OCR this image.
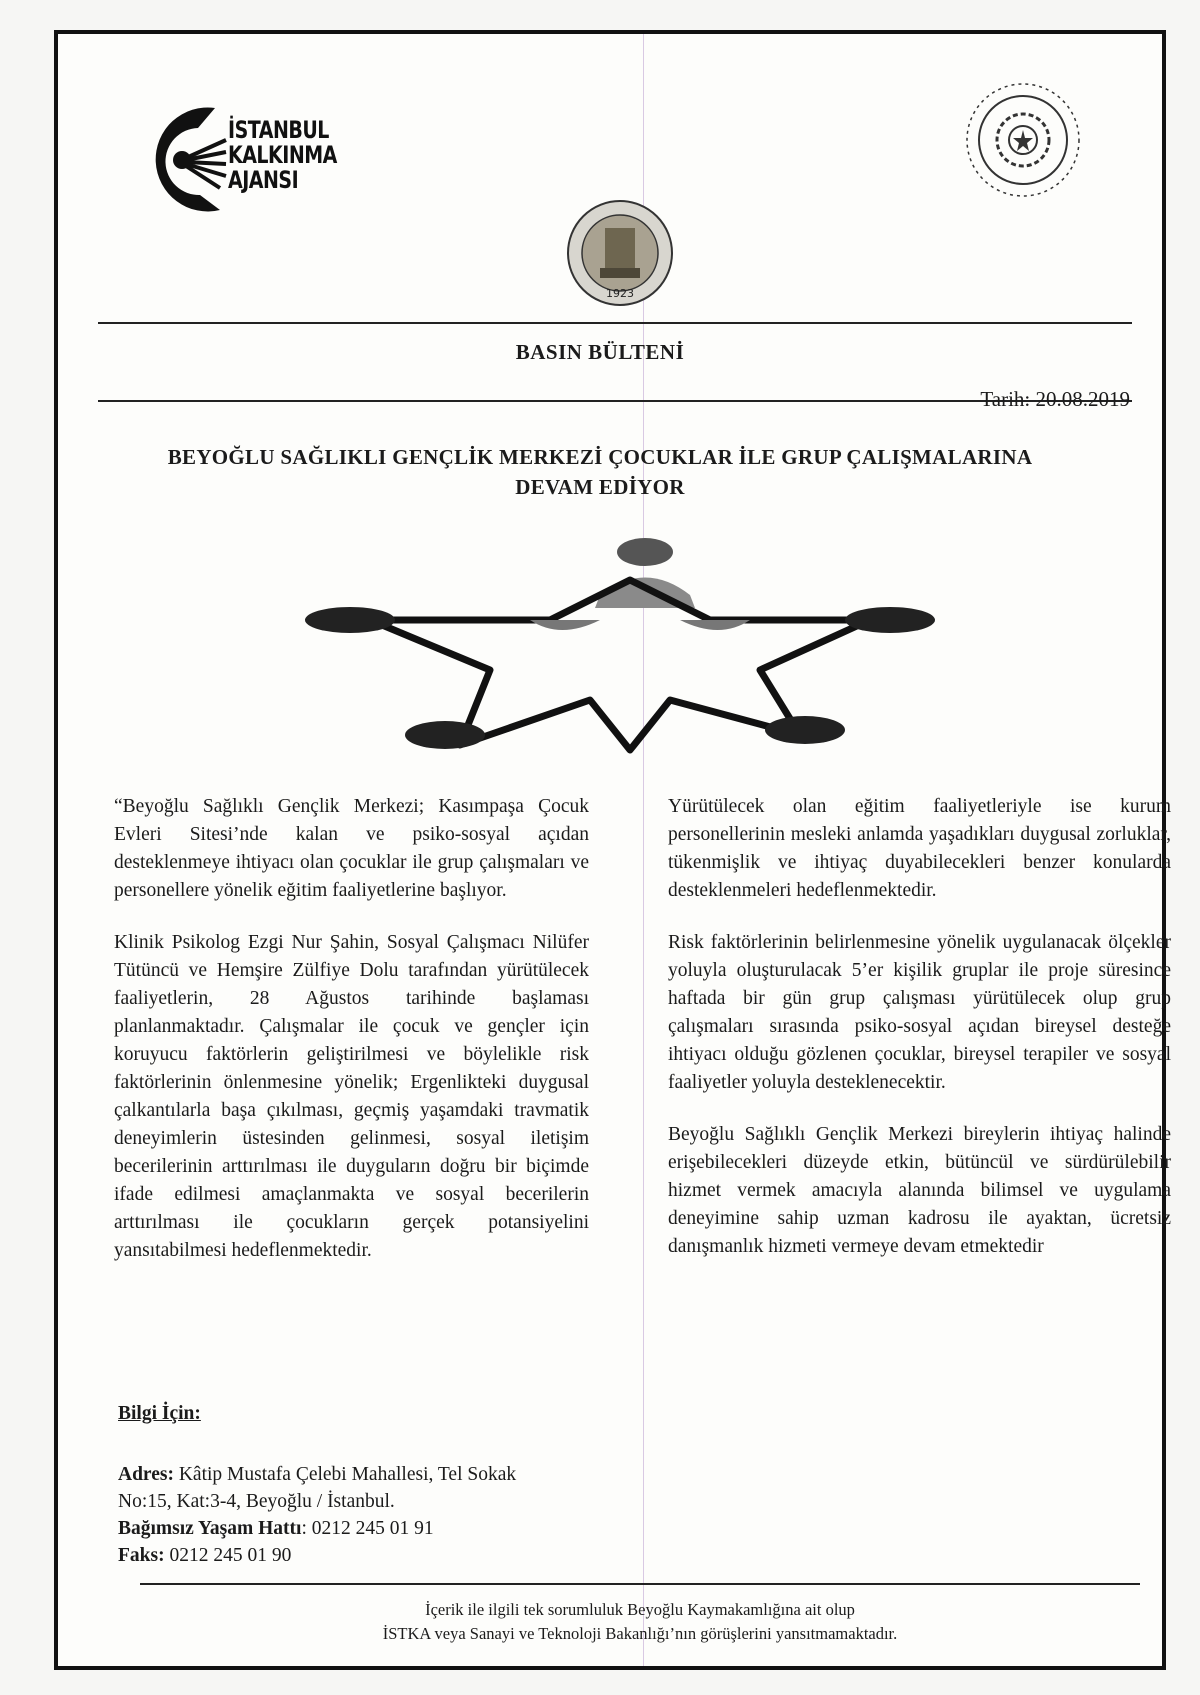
İSTANBUL
KALKINMA
AJANSI
1923
BASIN BÜLTENİ
Tarih: 20.08.2019
BEYOĞLU SAĞLIKLI GENÇLİK MERKEZİ ÇOCUKLAR İLE GRUP ÇALIŞMALARINA
DEVAM EDİYOR

“Beyoğlu Sağlıklı Gençlik Merkezi; Kasımpaşa Çocuk Evleri Sitesi’nde kalan ve psiko-sosyal açıdan desteklenmeye ihtiyacı olan çocuklar ile grup çalışmaları ve personellere yönelik eğitim faaliyetlerine başlıyor.

Klinik Psikolog Ezgi Nur Şahin, Sosyal Çalışmacı Nilüfer Tütüncü ve Hemşire Zülfiye Dolu tarafından yürütülecek faaliyetlerin, 28 Ağustos tarihinde başlaması planlanmaktadır. Çalışmalar ile çocuk ve gençler için koruyucu faktörlerin geliştirilmesi ve böylelikle risk faktörlerinin önlenmesine yönelik; Ergenlikteki duygusal çalkantılarla başa çıkılması, geçmiş yaşamdaki travmatik deneyimlerin üstesinden gelinmesi, sosyal iletişim becerilerinin arttırılması ile duyguların doğru bir biçimde ifade edilmesi amaçlanmakta ve sosyal becerilerin arttırılması ile çocukların gerçek potansiyelini yansıtabilmesi hedeflenmektedir.

Yürütülecek olan eğitim faaliyetleriyle ise kurum personellerinin mesleki anlamda yaşadıkları duygusal zorluklar, tükenmişlik ve ihtiyaç duyabilecekleri benzer konularda desteklenmeleri hedeflenmektedir.

Risk faktörlerinin belirlenmesine yönelik uygulanacak ölçekler yoluyla oluşturulacak 5’er kişilik gruplar ile proje süresince haftada bir gün grup çalışması yürütülecek olup grup çalışmaları sırasında psiko-sosyal açıdan bireysel desteğe ihtiyacı olduğu gözlenen çocuklar, bireysel terapiler ve sosyal faaliyetler yoluyla desteklenecektir.

Beyoğlu Sağlıklı Gençlik Merkezi bireylerin ihtiyaç halinde erişebilecekleri düzeyde etkin, bütüncül ve sürdürülebilir hizmet vermek amacıyla alanında bilimsel ve uygulama deneyimine sahip uzman kadrosu ile ayaktan, ücretsiz danışmanlık hizmeti vermeye devam etmektedir

Bilgi İçin:
Adres: Kâtip Mustafa Çelebi Mahallesi, Tel Sokak
No:15, Kat:3-4, Beyoğlu / İstanbul.
Bağımsız Yaşam Hattı: 0212 245 01 91
Faks: 0212 245 01 90
İçerik ile ilgili tek sorumluluk Beyoğlu Kaymakamlığına ait olup
İSTKA veya Sanayi ve Teknoloji Bakanlığı’nın görüşlerini yansıtmamaktadır.
